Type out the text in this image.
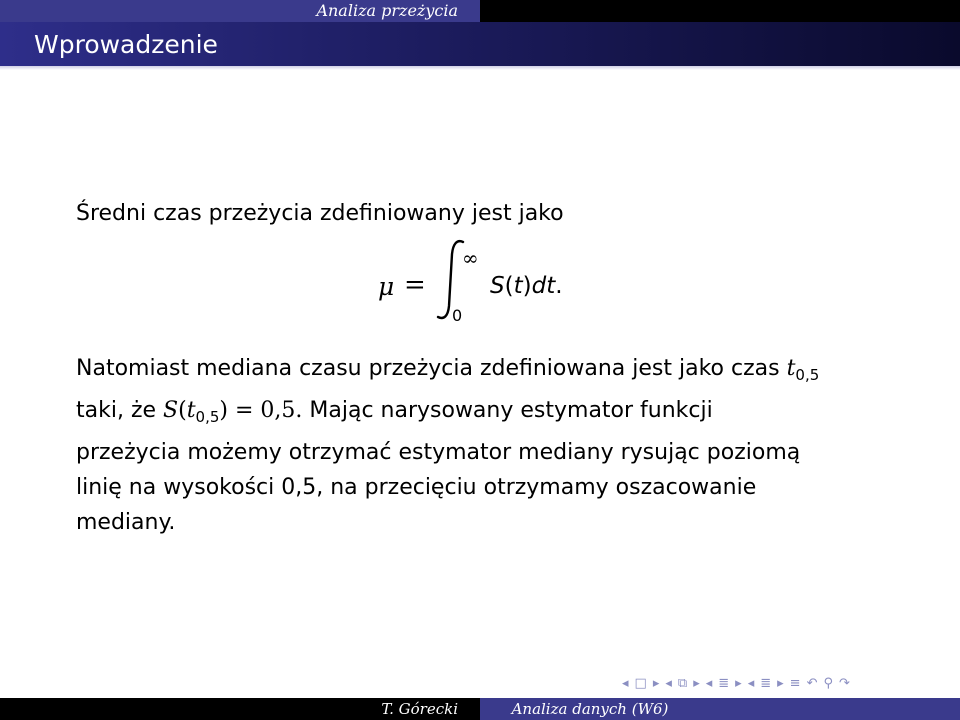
Analiza przeżycia
Wprowadzenie
Średni czas przeżycia zdefiniowany jest jako
μ =
∞
0
S(t)dt.
Natomiast mediana czasu przeżycia zdefiniowana jest jako czas $t_{0,5}$
taki, że $S(t_{0,5}) = 0,5$. Mając narysowany estymator funkcji
przeżycia możemy otrzymać estymator mediany rysując poziomą
linię na wysokości 0,5, na przecięciu otrzymamy oszacowanie
mediany.
◂ □ ▸ ◂ ⧉ ▸ ◂ ≣ ▸ ◂ ≣ ▸ ≡ ↶ ⚲ ↷
T. Górecki	Analiza danych (W6)
